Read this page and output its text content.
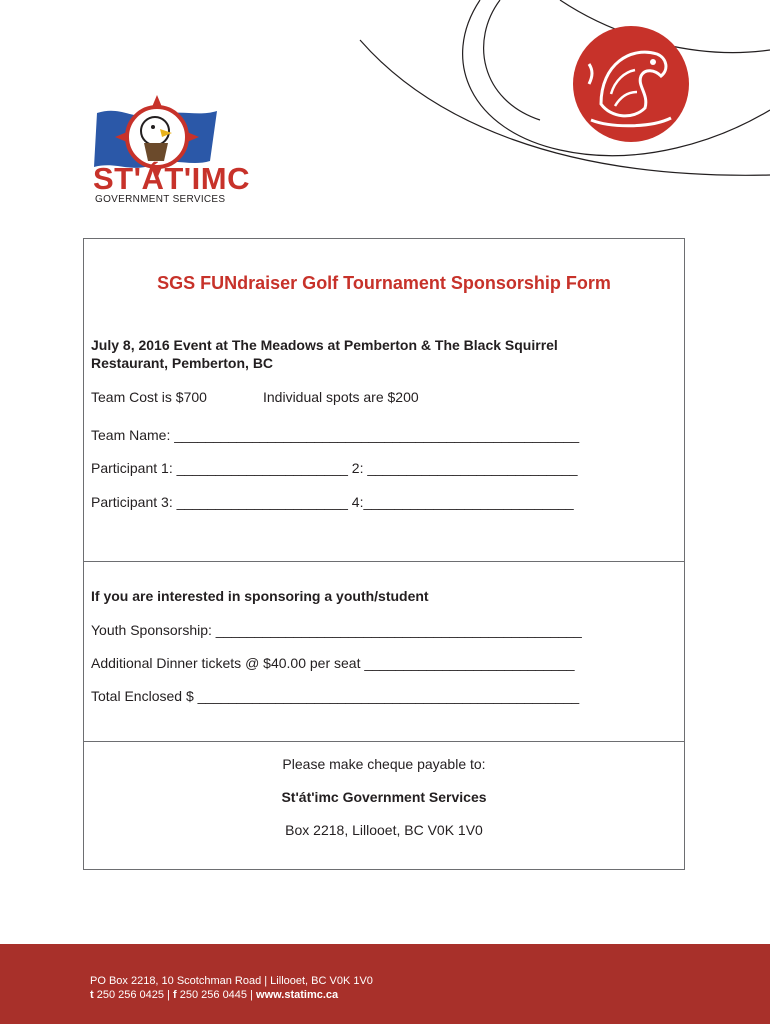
ST'ÁT'IMC
GOVERNMENT SERVICES
SGS FUNdraiser Golf Tournament Sponsorship Form
July 8, 2016 Event at The Meadows at Pemberton & The Black Squirrel
Restaurant, Pemberton, BC
Team Cost is $700	Individual spots are $200
Team Name: ____________________________________________________
Participant 1: ______________________ 2: ___________________________
Participant 3: ______________________ 4:___________________________
If you are interested in sponsoring a youth/student
Youth Sponsorship: _______________________________________________
Additional Dinner tickets @ $40.00 per seat ___________________________
Total Enclosed $ _________________________________________________
Please make cheque payable to:
St'át'imc Government Services
Box 2218, Lillooet, BC V0K 1V0
PO Box 2218, 10 Scotchman Road | Lillooet, BC V0K 1V0
t 250 256 0425 | f 250 256 0445 | www.statimc.ca
